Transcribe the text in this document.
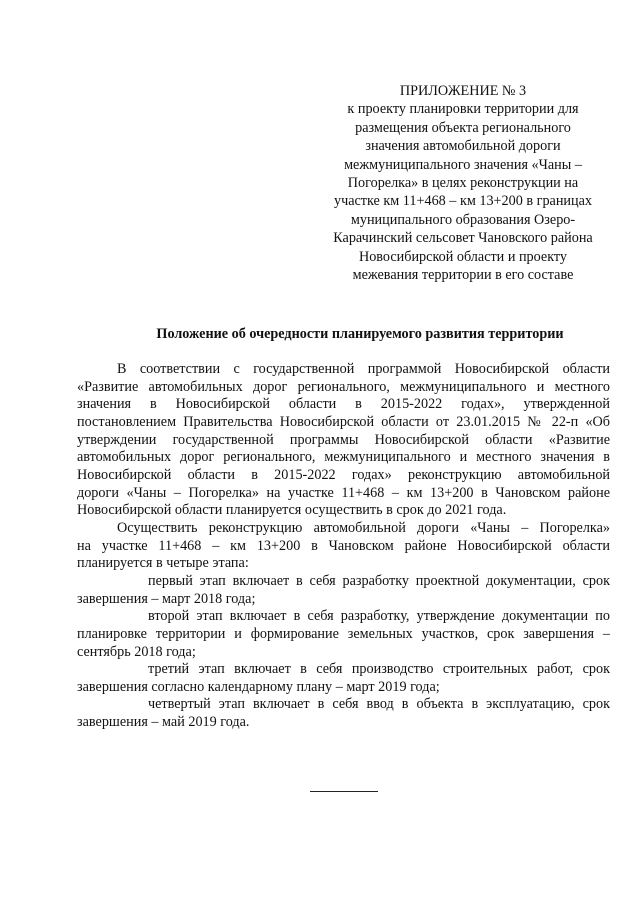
ПРИЛОЖЕНИЕ № 3
к проекту планировки территории для
размещения объекта регионального
значения автомобильной дороги
межмуниципального значения «Чаны –
Погорелка» в целях реконструкции на
участке км 11+468 – км 13+200 в границах
муниципального образования Озеро-
Карачинский сельсовет Чановского района
Новосибирской области и проекту
межевания территории в его составе
Положение об очередности планируемого развития территории
В соответствии с государственной программой Новосибирской области
«Развитие автомобильных дорог регионального, межмуниципального и местного
значения в Новосибирской области в 2015-2022 годах», утвержденной
постановлением Правительства Новосибирской области от 23.01.2015 № 22-п «Об
утверждении государственной программы Новосибирской области «Развитие
автомобильных дорог регионального, межмуниципального и местного значения в
Новосибирской области в 2015-2022 годах» реконструкцию автомобильной
дороги «Чаны – Погорелка» на участке 11+468 – км 13+200 в Чановском районе
Новосибирской области планируется осуществить в срок до 2021 года.
Осуществить реконструкцию автомобильной дороги «Чаны – Погорелка»
на участке 11+468 – км 13+200 в Чановском районе Новосибирской области
планируется в четыре этапа:
первый этап включает в себя разработку проектной документации, срок
завершения – март 2018 года;
второй этап включает в себя разработку, утверждение документации по
планировке территории и формирование земельных участков, срок завершения –
сентябрь 2018 года;
третий этап включает в себя производство строительных работ, срок
завершения согласно календарному плану – март 2019 года;
четвертый этап включает в себя ввод в объекта в эксплуатацию, срок
завершения – май 2019 года.
